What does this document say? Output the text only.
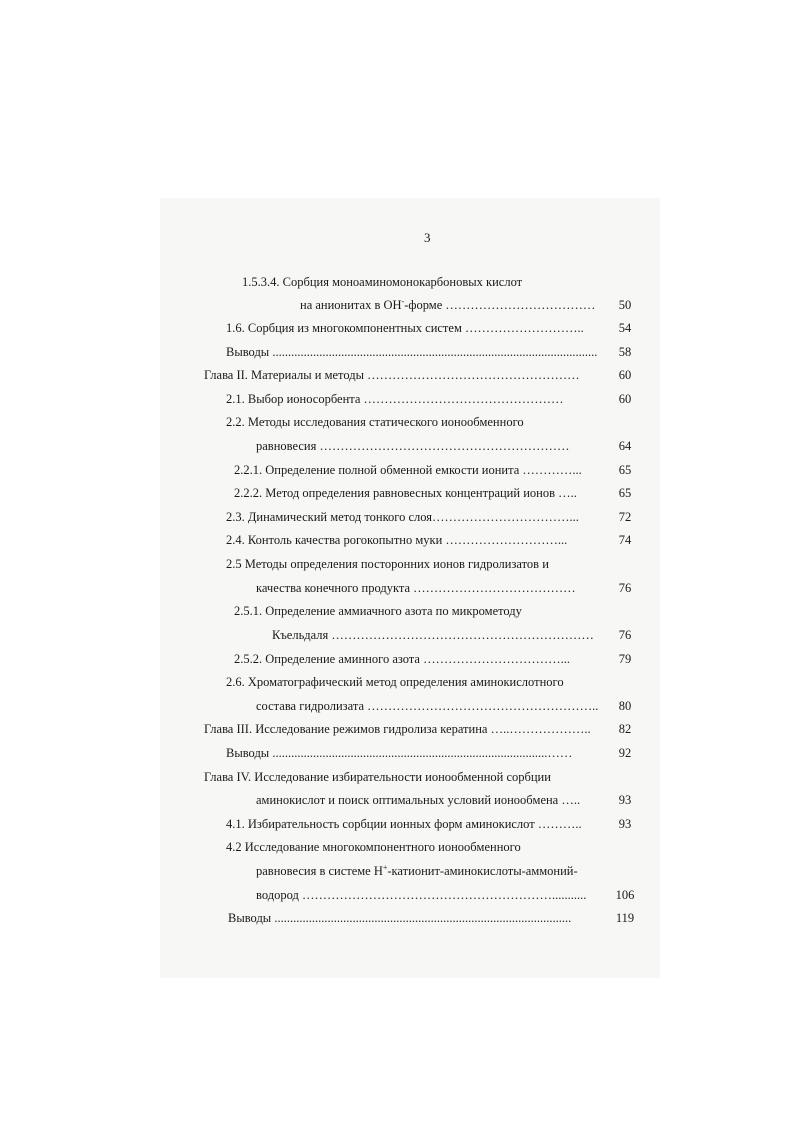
3
1.5.3.4. Сорбция моноаминомонокарбоновых кислот
на анионитах в ОН--форме ……………………………… 50
1.6. Сорбция из многокомпонентных систем ………………………..	54
Выводы ........................................................................................................ 58
Глава II. Материалы и методы ……………………………………………	60
2.1. Выбор ионосорбента …………………………………………	60
2.2. Методы исследования статического ионообменного
равновесия ……………………………………………………	64
2.2.1. Определение полной обменной емкости ионита …………...	65
2.2.2. Метод определения равновесных концентраций ионов …..	65
2.3. Динамический метод тонкого слоя……………………………...	72
2.4. Контоль качества рогокопытно муки ………………………...	74
2.5 Методы определения посторонних ионов гидролизатов и
качества конечного продукта …………………………………	76
2.5.1. Определение аммиачного азота по микрометоду
Къельдаля ……………………………………………………… 76
2.5.2. Определение аминного азота ……………………………...	79
2.6. Хроматографический метод определения аминокислотного
состава гидролизата ……………………………………………….. 80
Глава III. Исследование режимов гидролиза кератина …..……………….. 82
Выводы ........................................................................................……	92
Глава IV. Исследование избирательности ионообменной сорбции
аминокислот и поиск оптимальных условий ионообмена …..	93
4.1. Избирательность сорбции ионных форм аминокислот ………..	93
4.2 Исследование многокомпонентного ионообменного
равновесия в системе Н+-катионит-аминокислоты-аммоний-
водород ……………………………………………………........... 106
Выводы ...............................................................................................	119
